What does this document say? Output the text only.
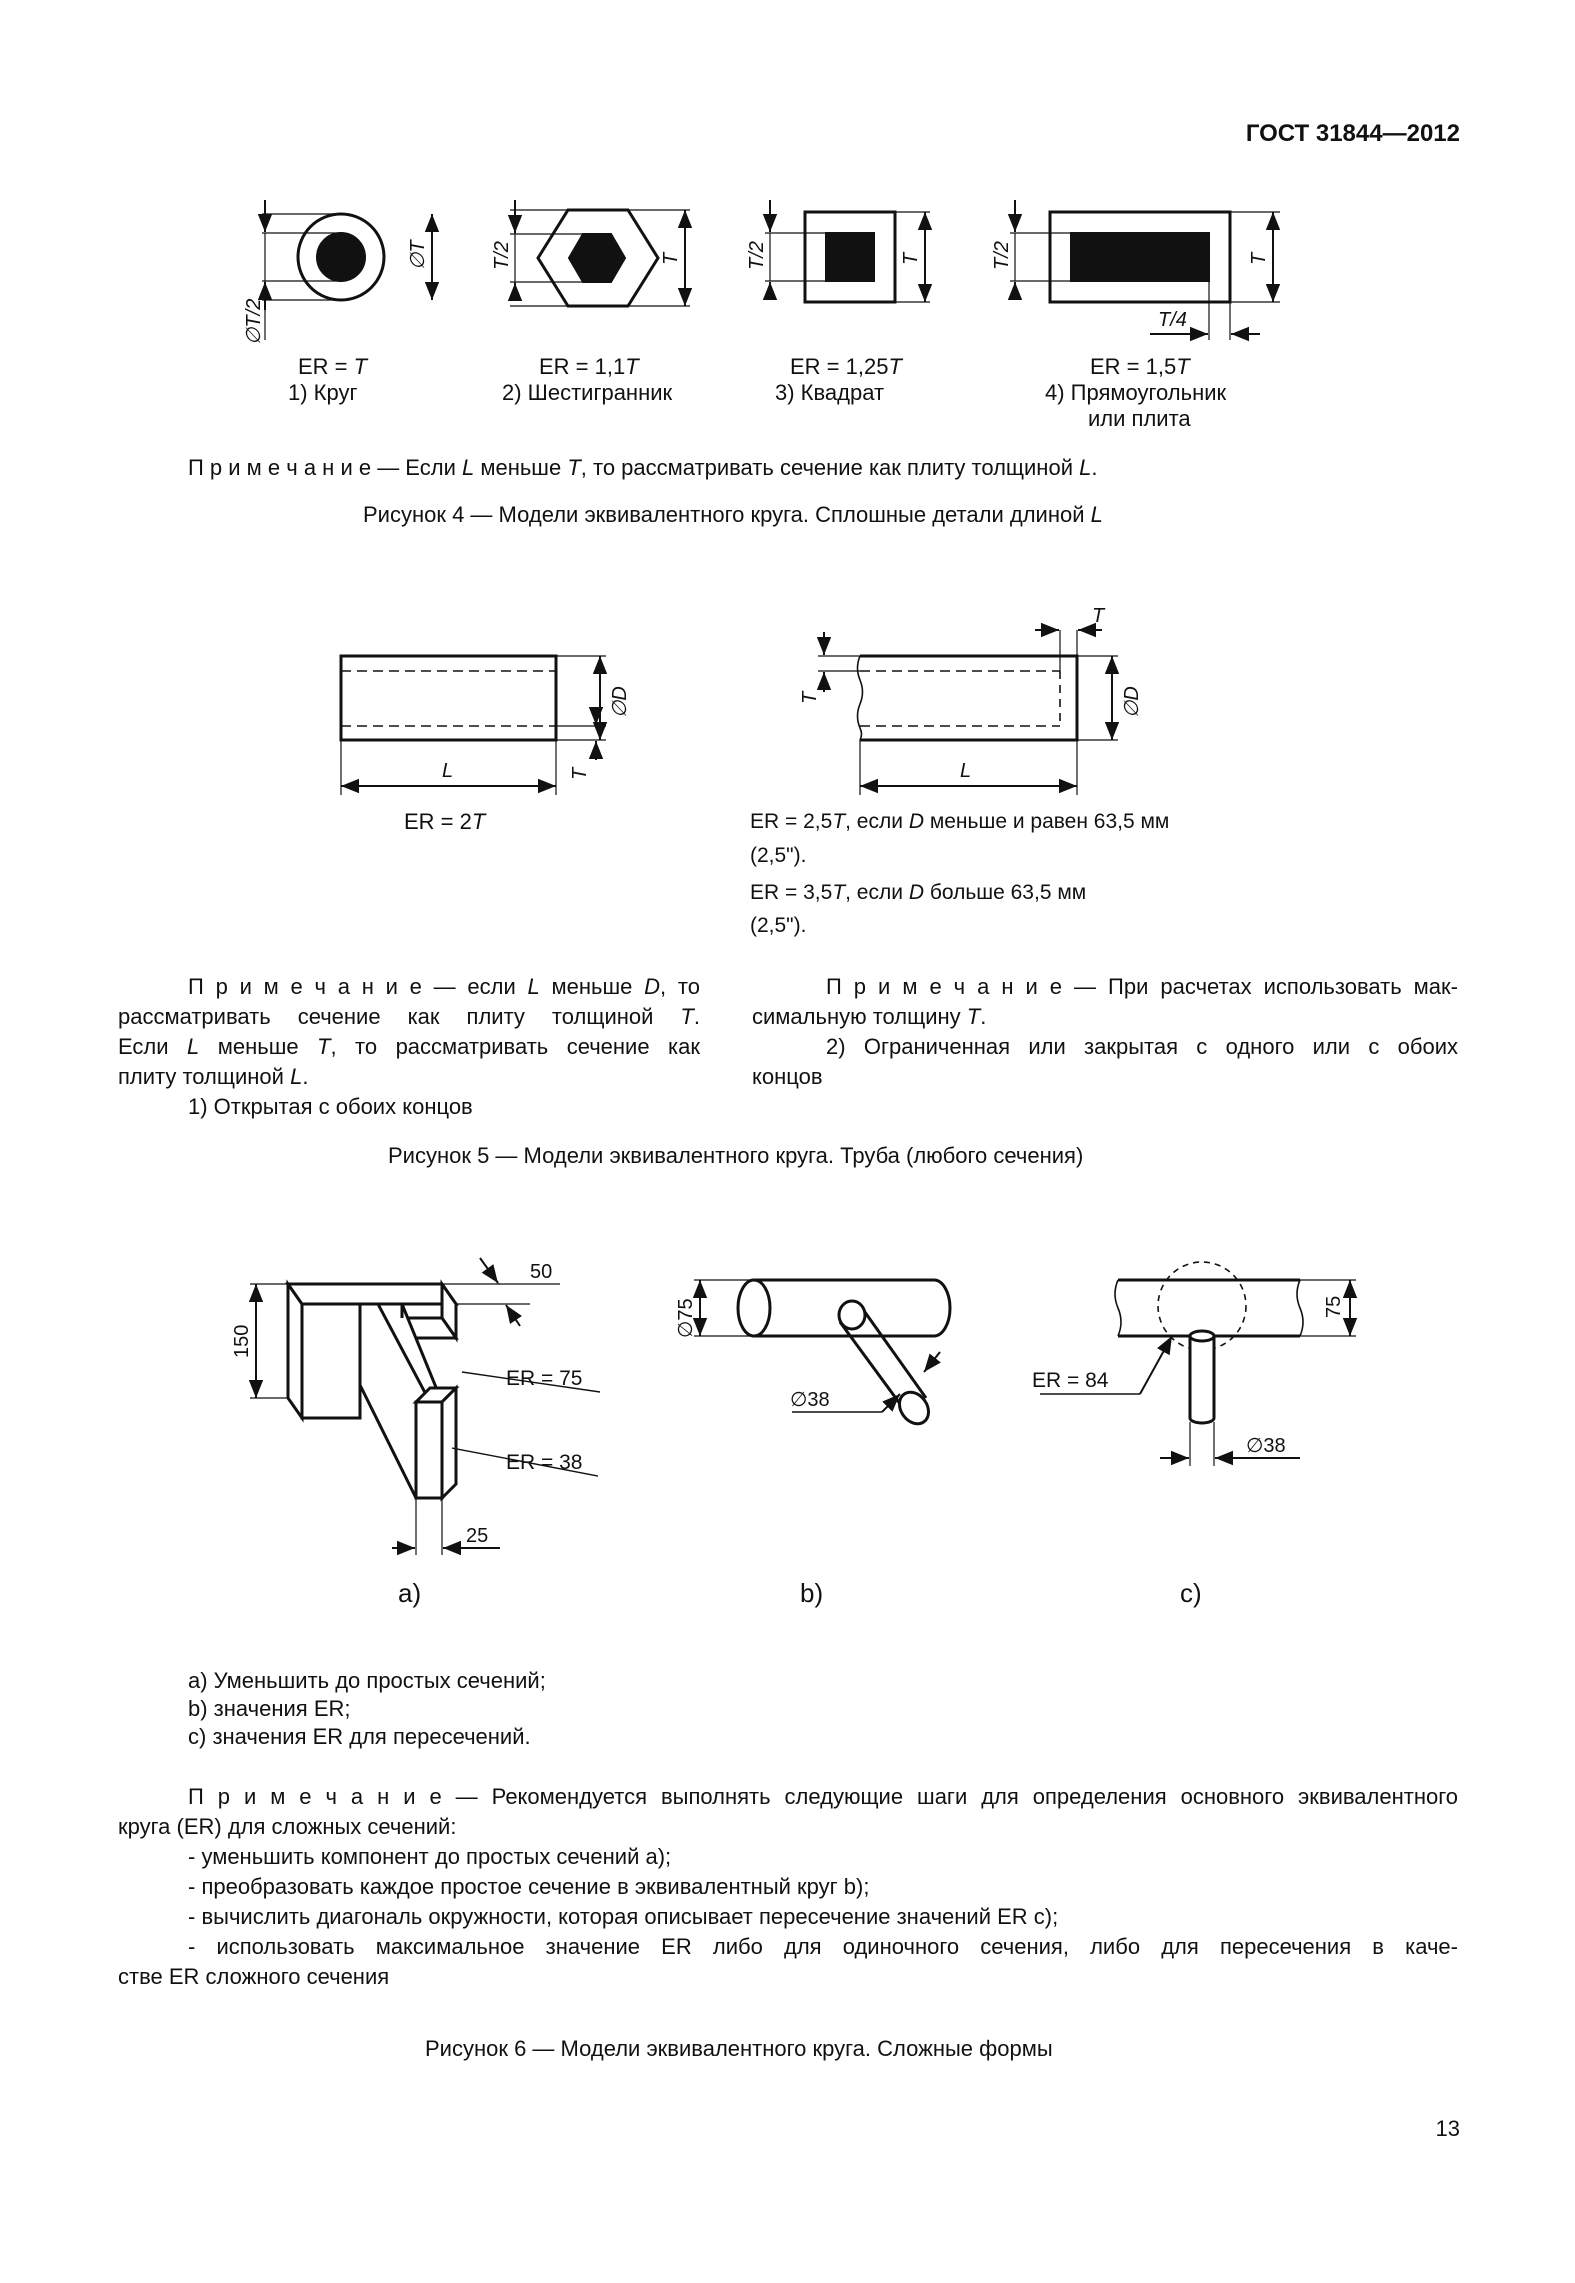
ГОСТ 31844—2012
∅T/2
∅T	T/2	T	T/2	T	T/2	T
T/4
ER = T
1) Круг
ER = 1,1T
2) Шестигранник
ER = 1,25T
3) Квадрат
ER = 1,5T
4) Прямоугольник
или плита
П р и м е ч а н и е — Если L меньше T, то рассматривать сечение как плиту толщиной L.
Рисунок 4 — Модели эквивалентного круга. Сплошные детали длиной L
∅D
T
L
∅D
T
T
L
ER = 2T	ER = 2,5T, если D меньше и равен 63,5 мм
(2,5").
ER = 3,5T, если D больше 63,5 мм
(2,5").

П р и м е ч а н и е — если L меньше D, то

рассматривать сечение как плиту толщиной T.

Если L меньше T, то рассматривать сечение как

плиту толщиной L.

1) Открытая с обоих концов

П р и м е ч а н и е — При расчетах использовать мак-

симальную толщину T.

2) Ограниченная или закрытая с одного или с обоих

концов

Рисунок 5 — Модели эквивалентного круга. Труба (любого сечения)
150
50
ER = 75
ER = 38
25
∅75
∅38
ER = 84
75
∅38
a)	b)	c)
a) Уменьшить до простых сечений;
b) значения ER;
c) значения ER для пересечений.

П р и м е ч а н и е — Рекомендуется выполнять следующие шаги для определения основного эквивалентного

круга (ER) для сложных сечений:

- уменьшить компонент до простых сечений a);

- преобразовать каждое простое сечение в эквивалентный круг b);

- вычислить диагональ окружности, которая описывает пересечение значений ER c);

- использовать максимальное значение ER либо для одиночного сечения, либо для пересечения в каче-

стве ER сложного сечения

Рисунок 6 — Модели эквивалентного круга. Сложные формы
13
